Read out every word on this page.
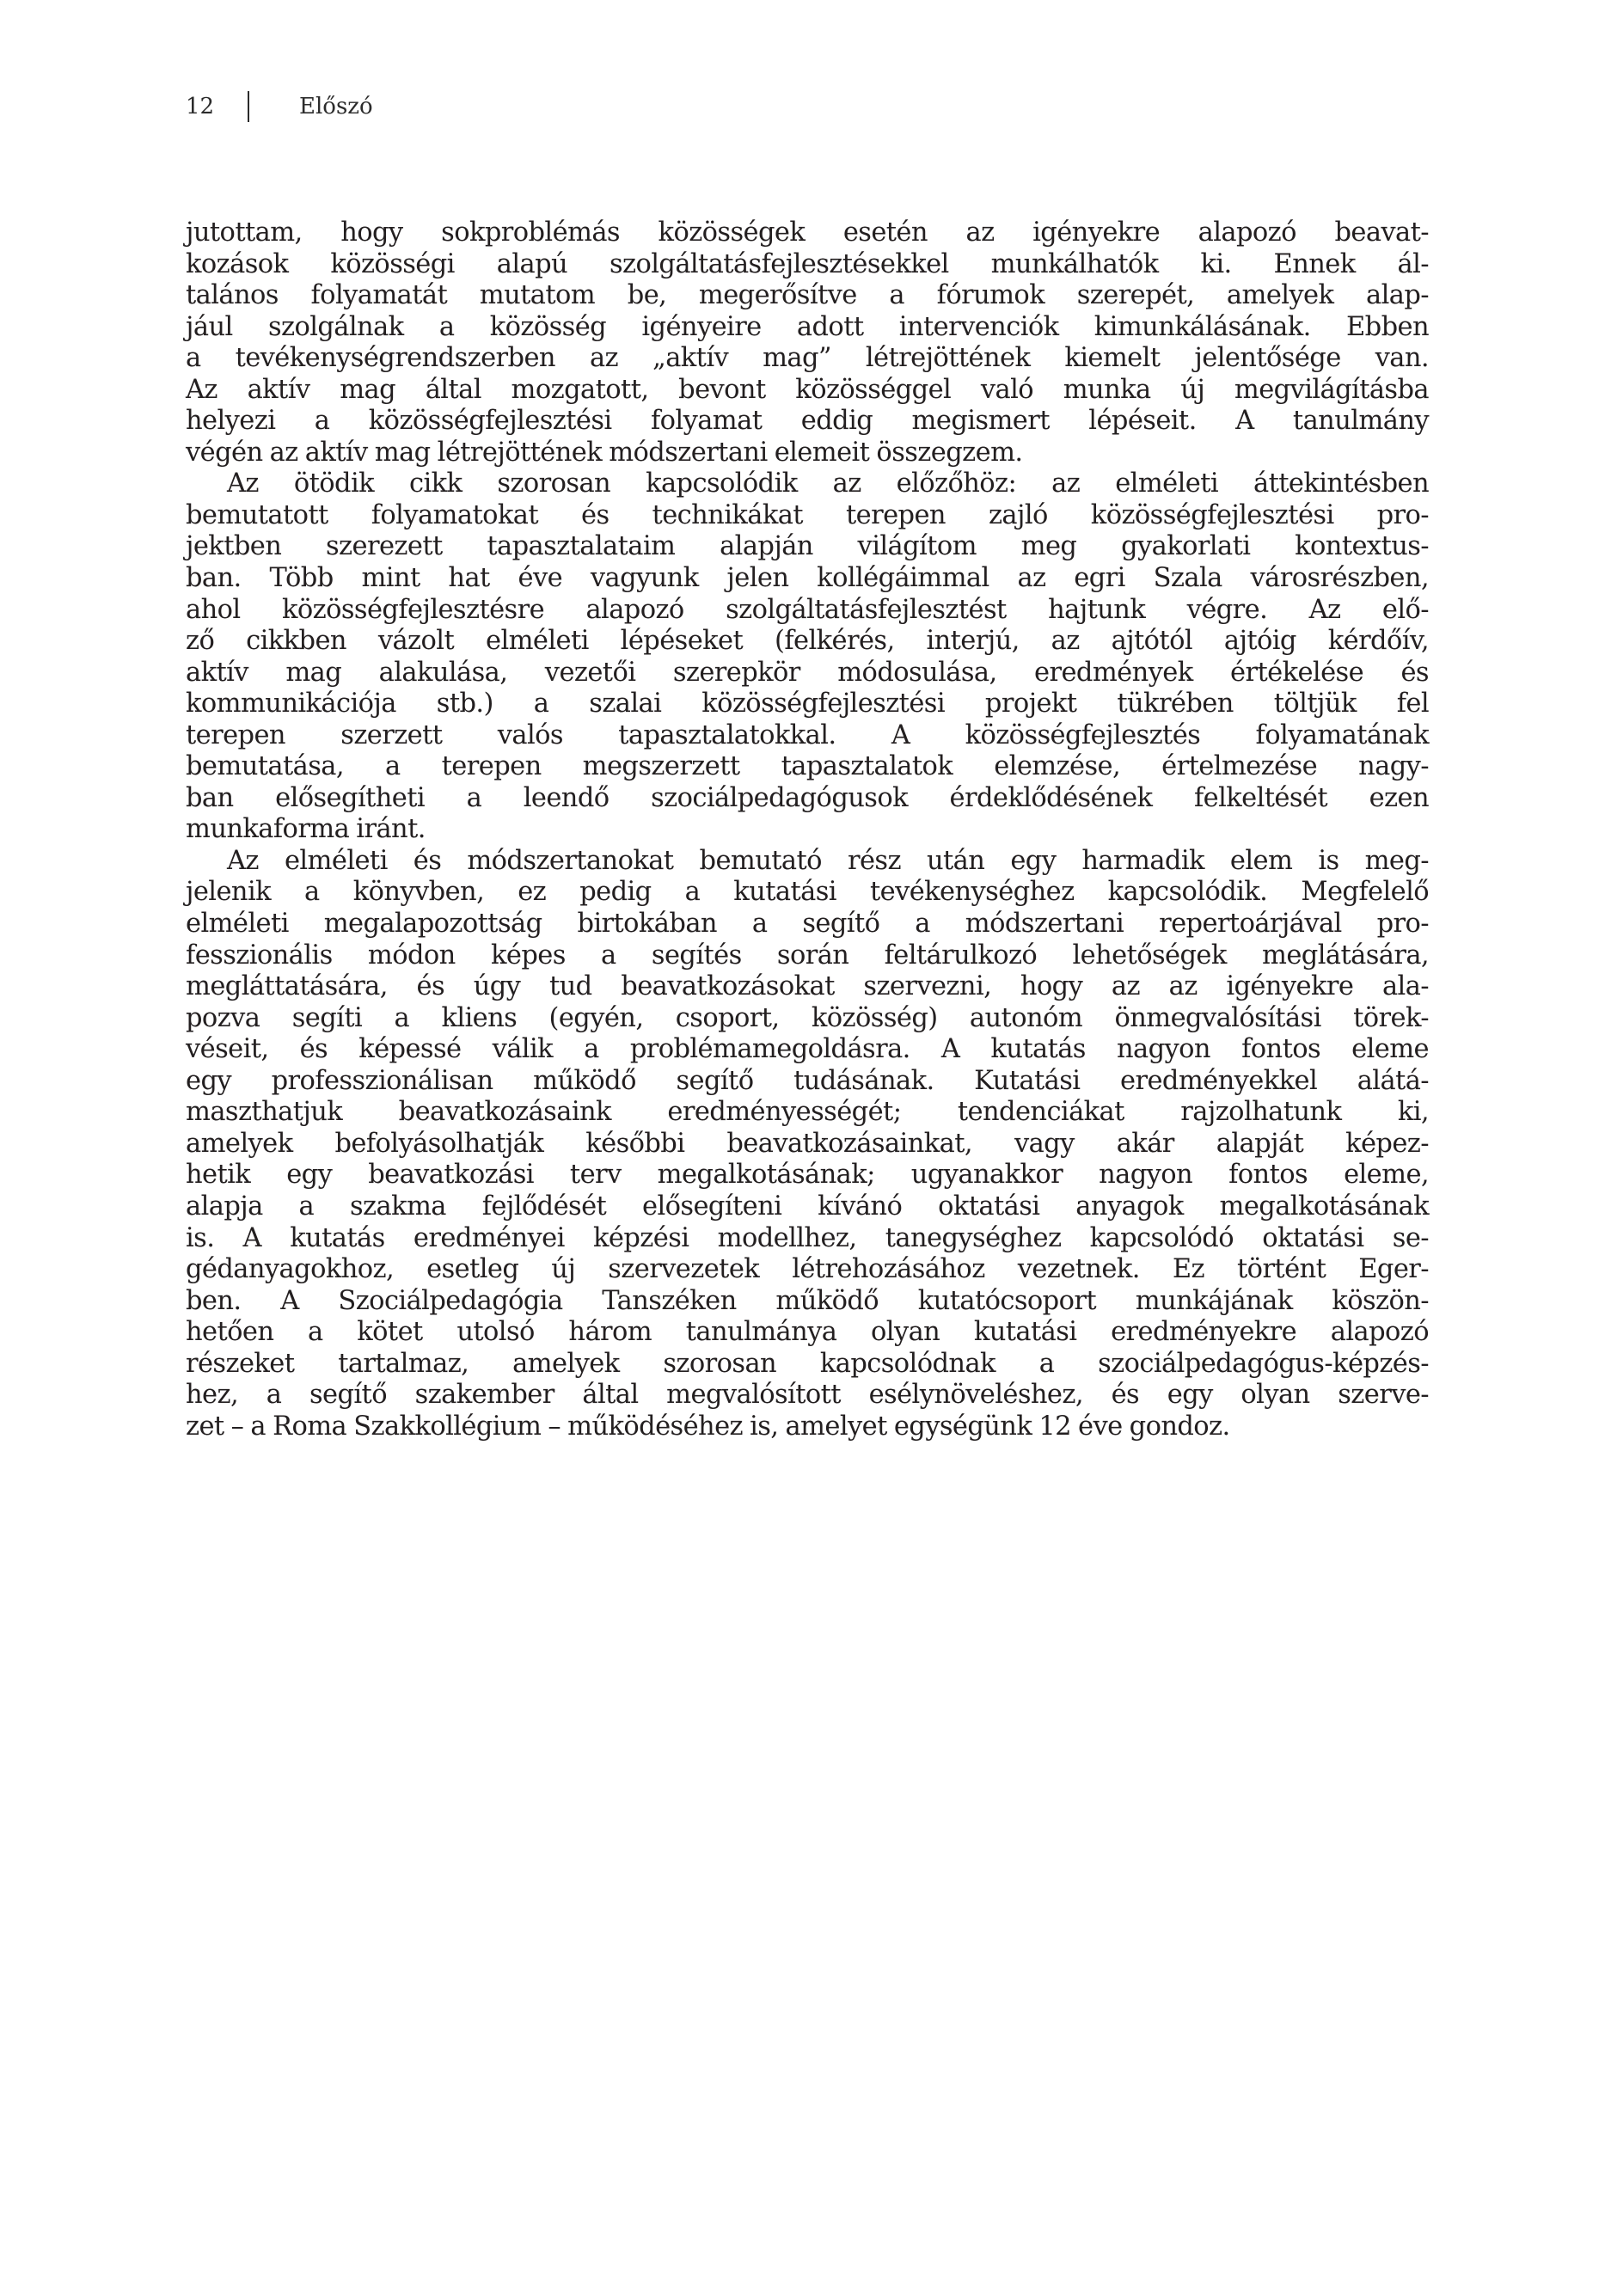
12	Előszó
jutottam, hogy sokproblémás közösségek esetén az igényekre alapozó beavat-
kozások közösségi alapú szolgáltatásfejlesztésekkel munkálhatók ki. Ennek ál-
talános folyamatát mutatom be, megerősítve a fórumok szerepét, amelyek alap-
jául szolgálnak a közösség igényeire adott intervenciók kimunkálásának. Ebben
a tevékenységrendszerben az „aktív mag” létrejöttének kiemelt jelentősége van.
Az aktív mag által mozgatott, bevont közösséggel való munka új megvilágításba
helyezi a közösségfejlesztési folyamat eddig megismert lépéseit. A tanulmány
végén az aktív mag létrejöttének módszertani elemeit összegzem.
Az ötödik cikk szorosan kapcsolódik az előzőhöz: az elméleti áttekintésben
bemutatott folyamatokat és technikákat terepen zajló közösségfejlesztési pro-
jektben szerezett tapasztalataim alapján világítom meg gyakorlati kontextus-
ban. Több mint hat éve vagyunk jelen kollégáimmal az egri Szala városrészben,
ahol közösségfejlesztésre alapozó szolgáltatásfejlesztést hajtunk végre. Az elő-
ző cikkben vázolt elméleti lépéseket (felkérés, interjú, az ajtótól ajtóig kérdőív,
aktív mag alakulása, vezetői szerepkör módosulása, eredmények értékelése és
kommunikációja stb.) a szalai közösségfejlesztési projekt tükrében töltjük fel
terepen szerzett valós tapasztalatokkal. A közösségfejlesztés folyamatának
bemutatása, a terepen megszerzett tapasztalatok elemzése, értelmezése nagy-
ban elősegítheti a leendő szociálpedagógusok érdeklődésének felkeltését ezen
munkaforma iránt.
Az elméleti és módszertanokat bemutató rész után egy harmadik elem is meg-
jelenik a könyvben, ez pedig a kutatási tevékenységhez kapcsolódik. Megfelelő
elméleti megalapozottság birtokában a segítő a módszertani repertoárjával pro-
fesszionális módon képes a segítés során feltárulkozó lehetőségek meglátására,
megláttatására, és úgy tud beavatkozásokat szervezni, hogy az az igényekre ala-
pozva segíti a kliens (egyén, csoport, közösség) autonóm önmegvalósítási törek-
véseit, és képessé válik a problémamegoldásra. A kutatás nagyon fontos eleme
egy professzionálisan működő segítő tudásának. Kutatási eredményekkel alátá-
maszthatjuk beavatkozásaink eredményességét; tendenciákat rajzolhatunk ki,
amelyek befolyásolhatják későbbi beavatkozásainkat, vagy akár alapját képez-
hetik egy beavatkozási terv megalkotásának; ugyanakkor nagyon fontos eleme,
alapja a szakma fejlődését elősegíteni kívánó oktatási anyagok megalkotásának
is. A kutatás eredményei képzési modellhez, tanegységhez kapcsolódó oktatási se-
gédanyagokhoz, esetleg új szervezetek létrehozásához vezetnek. Ez történt Eger-
ben. A Szociálpedagógia Tanszéken működő kutatócsoport munkájának köszön-
hetően a kötet utolsó három tanulmánya olyan kutatási eredményekre alapozó
részeket tartalmaz, amelyek szorosan kapcsolódnak a szociálpedagógus-képzés-
hez, a segítő szakember által megvalósított esélynöveléshez, és egy olyan szerve-
zet – a Roma Szakkollégium – működéséhez is, amelyet egységünk 12 éve gondoz.
